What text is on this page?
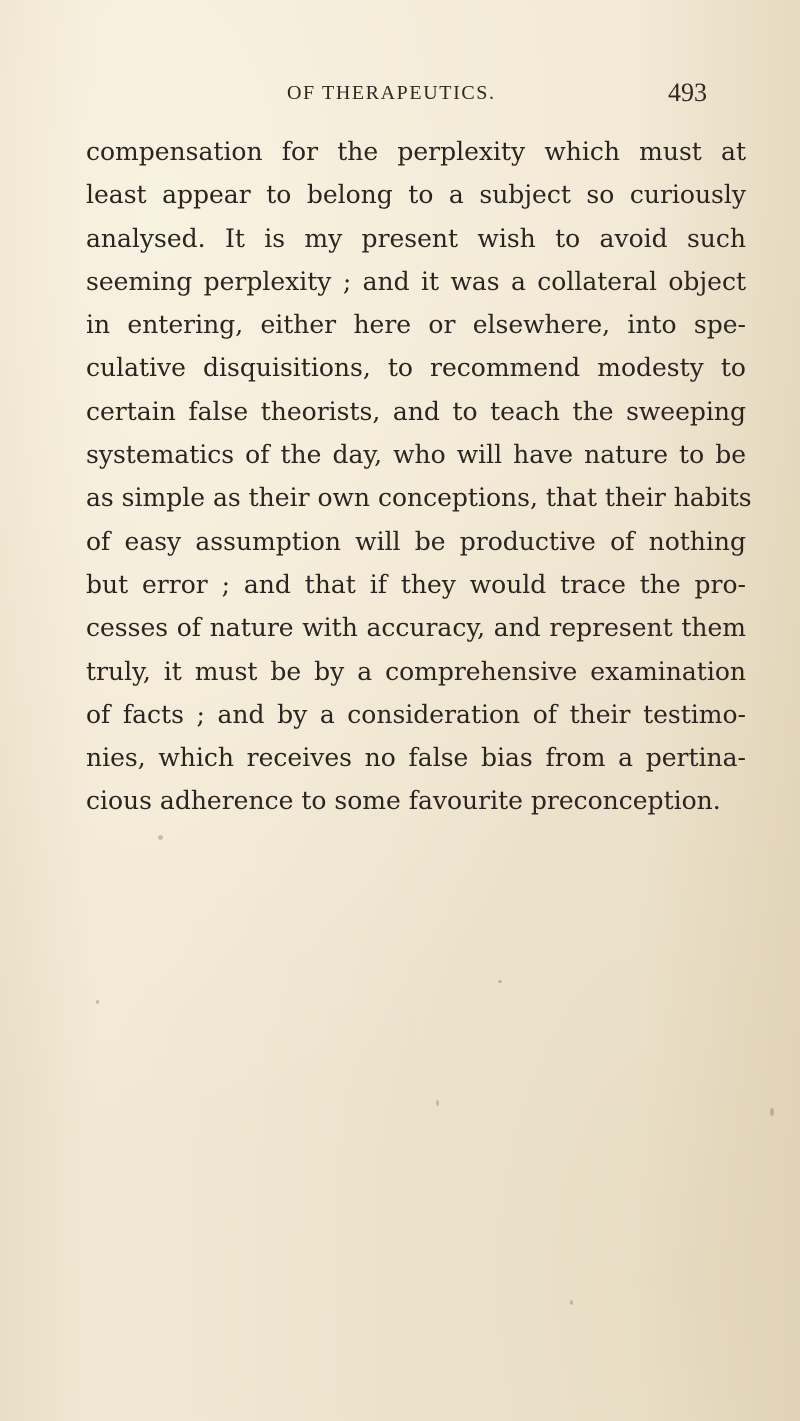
OF THERAPEUTICS.	493
compensation for the perplexity which must at
least appear to belong to a subject so curiously
analysed. It is my present wish to avoid such
seeming perplexity ; and it was a collateral object
in entering, either here or elsewhere, into spe-
culative disquisitions, to recommend modesty to
certain false theorists, and to teach the sweeping
systematics of the day, who will have nature to be
as simple as their own conceptions, that their habits
of easy assumption will be productive of nothing
but error ; and that if they would trace the pro-
cesses of nature with accuracy, and represent them
truly, it must be by a comprehensive examination
of facts ; and by a consideration of their testimo-
nies, which receives no false bias from a pertina-
cious adherence to some favourite preconception.
